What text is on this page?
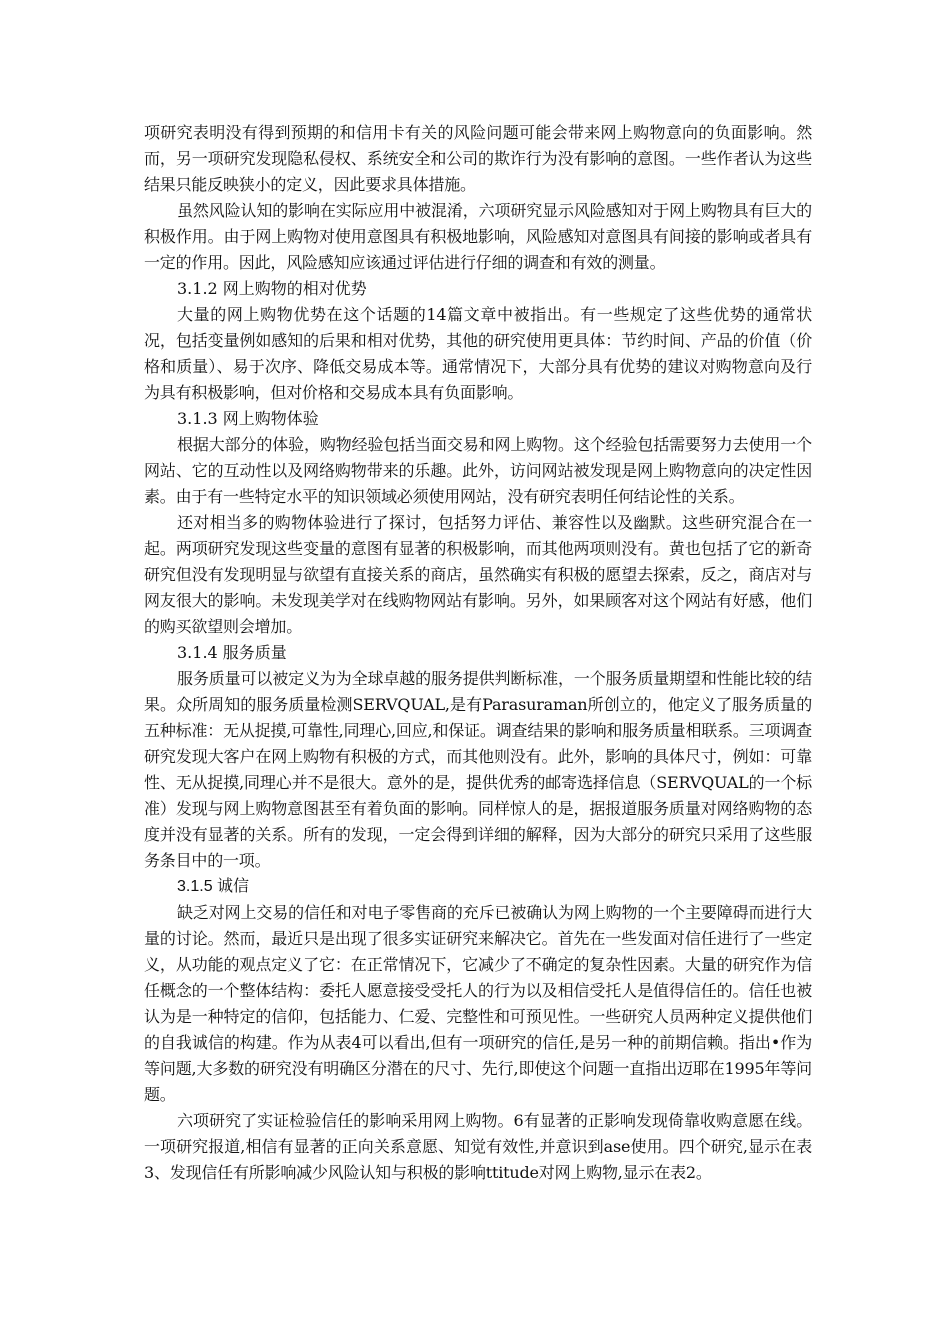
项研究表明没有得到预期的和信用卡有关的风险问题可能会带来网上购物意向的负面影响。然而，另一项研究发现隐私侵权、系统安全和公司的欺诈行为没有影响的意图。一些作者认为这些结果只能反映狭小的定义，因此要求具体措施。

虽然风险认知的影响在实际应用中被混淆，六项研究显示风险感知对于网上购物具有巨大的积极作用。由于网上购物对使用意图具有积极地影响，风险感知对意图具有间接的影响或者具有一定的作用。因此，风险感知应该通过评估进行仔细的调查和有效的测量。

3.1.2 网上购物的相对优势

大量的网上购物优势在这个话题的14篇文章中被指出。有一些规定了这些优势的通常状况，包括变量例如感知的后果和相对优势，其他的研究使用更具体：节约时间、产品的价值（价格和质量）、易于次序、降低交易成本等。通常情况下，大部分具有优势的建议对购物意向及行为具有积极影响，但对价格和交易成本具有负面影响。

3.1.3 网上购物体验

根据大部分的体验，购物经验包括当面交易和网上购物。这个经验包括需要努力去使用一个网站、它的互动性以及网络购物带来的乐趣。此外，访问网站被发现是网上购物意向的决定性因素。由于有一些特定水平的知识领域必须使用网站，没有研究表明任何结论性的关系。

还对相当多的购物体验进行了探讨，包括努力评估、兼容性以及幽默。这些研究混合在一起。两项研究发现这些变量的意图有显著的积极影响，而其他两项则没有。黄也包括了它的新奇研究但没有发现明显与欲望有直接关系的商店，虽然确实有积极的愿望去探索，反之，商店对与网友很大的影响。未发现美学对在线购物网站有影响。另外，如果顾客对这个网站有好感，他们的购买欲望则会增加。

3.1.4 服务质量

服务质量可以被定义为为全球卓越的服务提供判断标准，一个服务质量期望和性能比较的结果。众所周知的服务质量检测SERVQUAL,是有Parasuraman所创立的，他定义了服务质量的五种标准：无从捉摸,可靠性,同理心,回应,和保证。调查结果的影响和服务质量相联系。三项调查研究发现大客户在网上购物有积极的方式，而其他则没有。此外，影响的具体尺寸，例如：可靠性、无从捉摸,同理心并不是很大。意外的是，提供优秀的邮寄选择信息（SERVQUAL的一个标准）发现与网上购物意图甚至有着负面的影响。同样惊人的是，据报道服务质量对网络购物的态度并没有显著的关系。所有的发现，一定会得到详细的解释，因为大部分的研究只采用了这些服务条目中的一项。

3.1.5 诚信

缺乏对网上交易的信任和对电子零售商的充斥已被确认为网上购物的一个主要障碍而进行大量的讨论。然而，最近只是出现了很多实证研究来解决它。首先在一些发面对信任进行了一些定义，从功能的观点定义了它：在正常情况下，它减少了不确定的复杂性因素。大量的研究作为信任概念的一个整体结构：委托人愿意接受受托人的行为以及相信受托人是值得信任的。信任也被认为是一种特定的信仰，包括能力、仁爱、完整性和可预见性。一些研究人员两种定义提供他们的自我诚信的构建。作为从表4可以看出,但有一项研究的信任,是另一种的前期信赖。指出•作为等问题,大多数的研究没有明确区分潜在的尺寸、先行,即使这个问题一直指出迈耶在1995年等问题。

六项研究了实证检验信任的影响采用网上购物。6有显著的正影响发现倚靠收购意愿在线。一项研究报道,相信有显著的正向关系意愿、知觉有效性,并意识到ase使用。四个研究,显示在表3、发现信任有所影响减少风险认知与积极的影响ttitude对网上购物,显示在表2。
